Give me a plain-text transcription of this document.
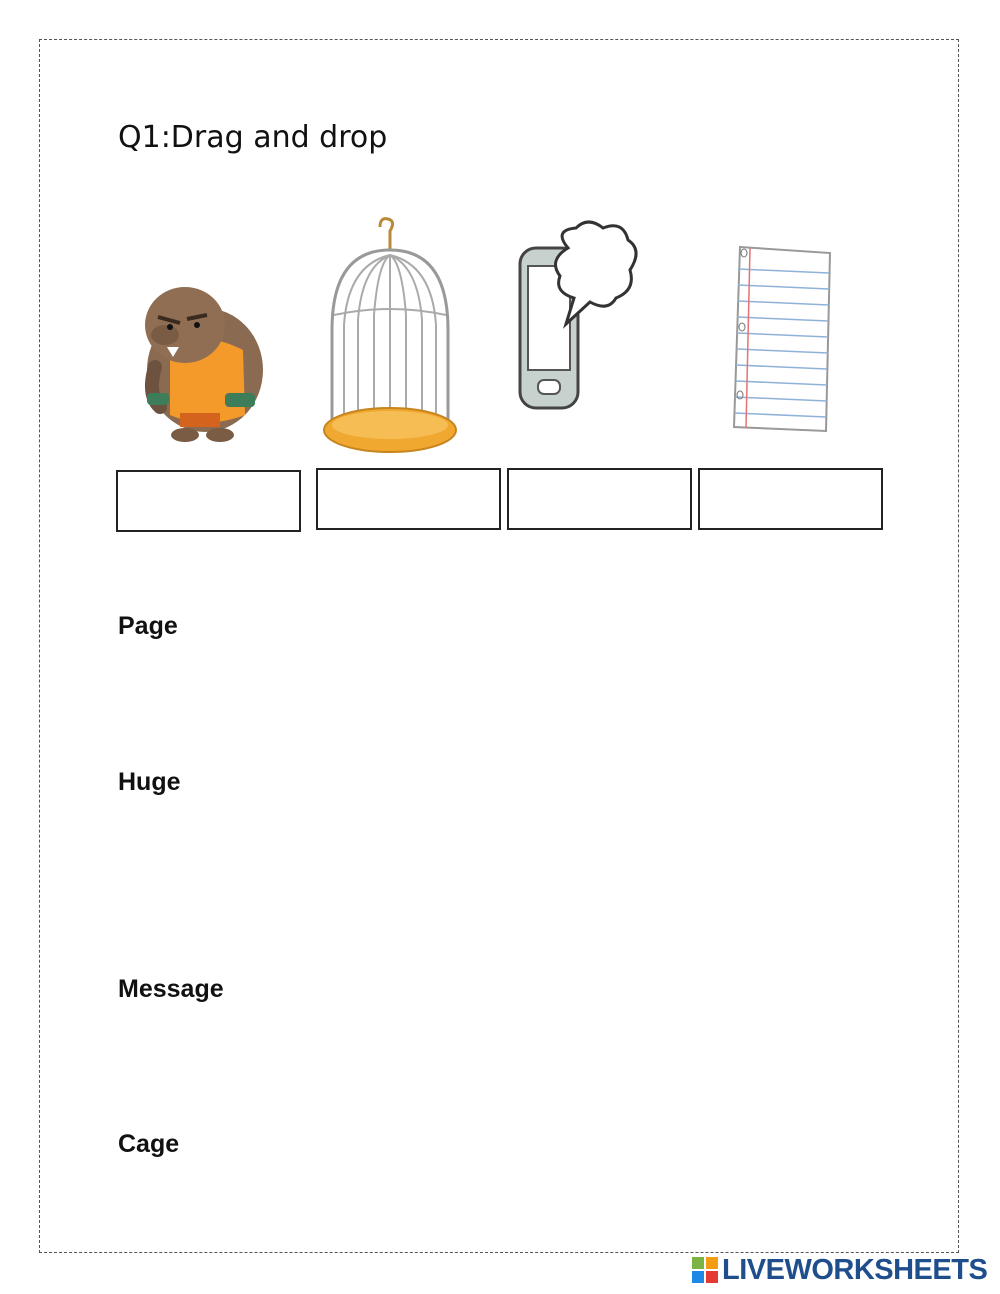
Q1:Drag and drop
Page
Huge
Message
Cage
LIVEWORKSHEETS
